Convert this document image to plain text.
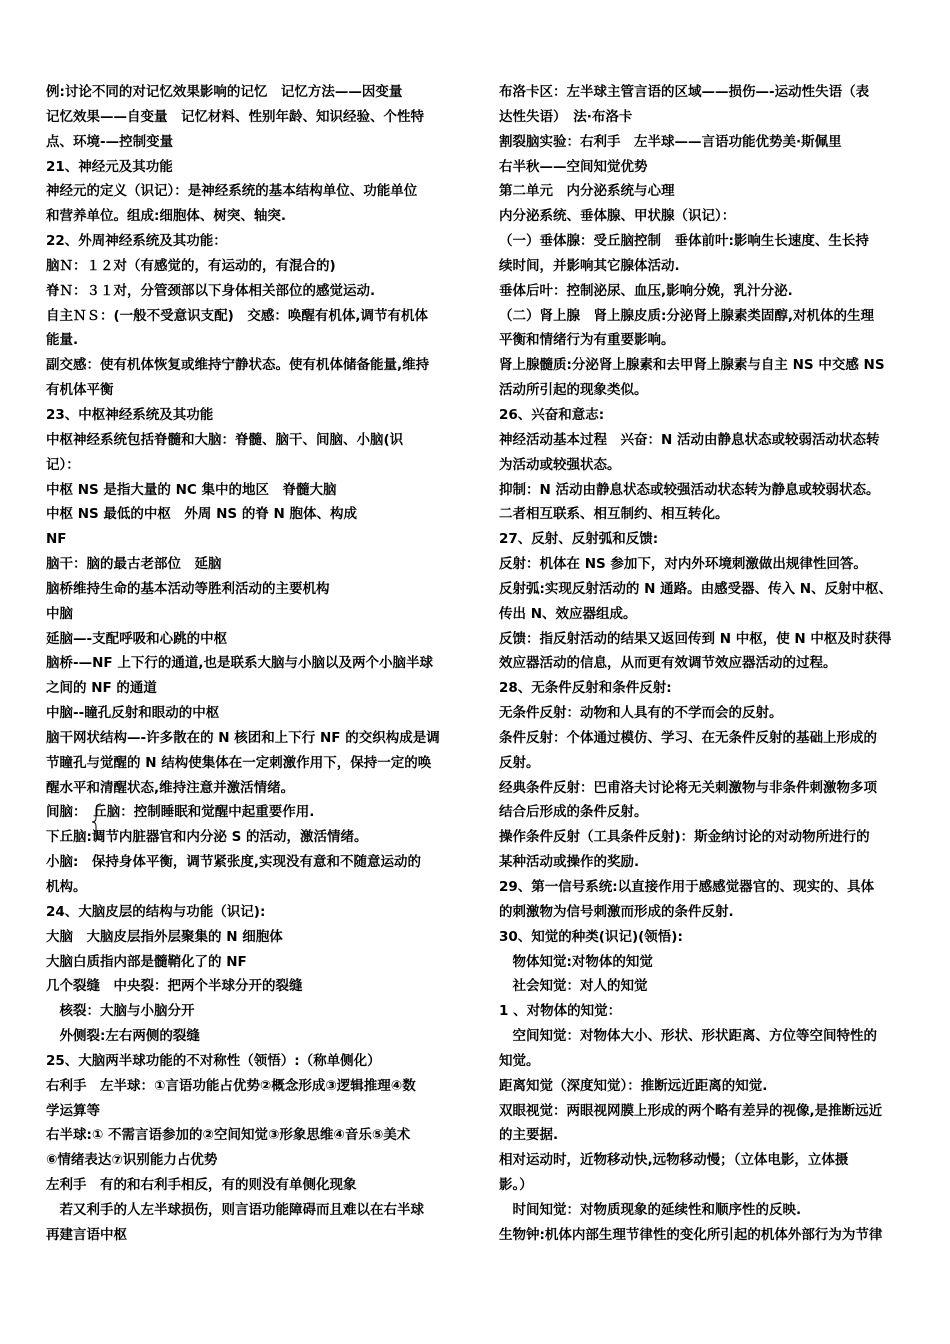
例:讨论不同的对记忆效果影响的记忆　记忆方法——因变量
记忆效果——自变量　记忆材料、性别年龄、知识经验、个性特
点、环境-—控制变量
21、神经元及其功能
神经元的定义（识记）：是神经系统的基本结构单位、功能单位
和营养单位。组成:细胞体、树突、轴突.
22、外周神经系统及其功能：
脑Ｎ：１２对（有感觉的，有运动的，有混合的)
脊Ｎ：３１对，分管颈部以下身体相关部位的感觉运动.
自主ＮＳ：(一般不受意识支配)　交感：唤醒有机体,调节有机体
能量.
副交感：使有机体恢复或维持宁静状态。使有机体储备能量,维持
有机体平衡
23、中枢神经系统及其功能
中枢神经系统包括脊髓和大脑：脊髓、脑干、间脑、小脑(识
记）：
中枢 NS 是指大量的 NC 集中的地区　脊髓大脑
中枢 NS 最低的中枢　外周 NS 的脊 N 胞体、构成
NF
脑干：脑的最古老部位　延脑
脑桥维持生命的基本活动等胜利活动的主要机构
中脑
延脑—-支配呼吸和心跳的中枢
脑桥-—NF 上下行的通道,也是联系大脑与小脑以及两个小脑半球
之间的 NF 的通道
中脑--瞳孔反射和眼动的中枢
脑干网状结构—-许多散在的 N 核团和上下行 NF 的交织构成是调
节瞳孔与觉醒的 N 结构使集体在一定刺激作用下，保持一定的唤
醒水平和清醒状态,维持注意并激活情绪。
间脑：　丘脑：控制睡眠和觉醒中起重要作用.
下丘脑:调节内脏器官和内分泌 S 的活动，激活情绪。
小脑:　保持身体平衡，调节紧张度,实现没有意和不随意运动的
机构。
24、大脑皮层的结构与功能（识记):
大脑　大脑皮层指外层聚集的 N 细胞体
大脑白质指内部是髓鞘化了的 NF
几个裂缝　中央裂：把两个半球分开的裂缝
　核裂：大脑与小脑分开
　外侧裂:左右两侧的裂缝
25、大脑两半球功能的不对称性（领悟）:（称单侧化）
右利手　左半球：①言语功能占优势②概念形成③逻辑推理④数
学运算等
右半球:① 不需言语参加的②空间知觉③形象思维④音乐⑤美术
⑥情绪表达⑦识别能力占优势
左利手　有的和右利手相反，有的则没有单侧化现象
　若又利手的人左半球损伤，则言语功能障碍而且难以在右半球
再建言语中枢
布洛卡区：左半球主管言语的区域——损伤—-运动性失语（表
达性失语）　法·布洛卡
割裂脑实验：右利手　左半球——言语功能优势美·斯佩里
右半秋——空间知觉优势
第二单元　内分泌系统与心理
内分泌系统、垂体腺、甲状腺（识记）：
（一）垂体腺：受丘脑控制　垂体前叶:影响生长速度、生长持
续时间，并影响其它腺体活动.
垂体后叶：控制泌尿、血压,影响分娩，乳汁分泌.
（二）肾上腺　肾上腺皮质:分泌肾上腺素类固醇,对机体的生理
平衡和情绪行为有重要影响。
肾上腺髓质:分泌肾上腺素和去甲肾上腺素与自主 NS 中交感 NS
活动所引起的现象类似。
26、兴奋和意志:
神经活动基本过程　兴奋：N 活动由静息状态或较弱活动状态转
为活动或较强状态。
抑制：N 活动由静息状态或较强活动状态转为静息或较弱状态。
二者相互联系、相互制约、相互转化。
27、反射、反射弧和反馈:
反射：机体在 NS 参加下，对内外环境刺激做出规律性回答。
反射弧:实现反射活动的 N 通路。由感受器、传入 N、反射中枢、
传出 N、效应器组成。
反馈：指反射活动的结果又返回传到 N 中枢，使 N 中枢及时获得
效应器活动的信息，从而更有效调节效应器活动的过程。
28、无条件反射和条件反射:
无条件反射：动物和人具有的不学而会的反射。
条件反射：个体通过模仿、学习、在无条件反射的基础上形成的
反射。
经典条件反射：巴甫洛夫讨论将无关刺激物与非条件刺激物多项
结合后形成的条件反射。
操作条件反射（工具条件反射)：斯金纳讨论的对动物所进行的
某种活动或操作的奖励.
29、第一信号系统:以直接作用于感感觉器官的、现实的、具体
的刺激物为信号刺激而形成的条件反射.
30、知觉的种类(识记)(领悟):
　物体知觉:对物体的知觉
　社会知觉：对人的知觉
1 、对物体的知觉：
　空间知觉：对物体大小、形状、形状距离、方位等空间特性的
知觉。
距离知觉（深度知觉）：推断远近距离的知觉.
双眼视觉：两眼视网膜上形成的两个略有差异的视像,是推断远近
的主要据.
相对运动时，近物移动快,远物移动慢；（立体电影，立体摄
影。）
　时间知觉：对物质现象的延续性和顺序性的反映.
生物钟:机体内部生理节律性的变化所引起的机体外部行为为节律
